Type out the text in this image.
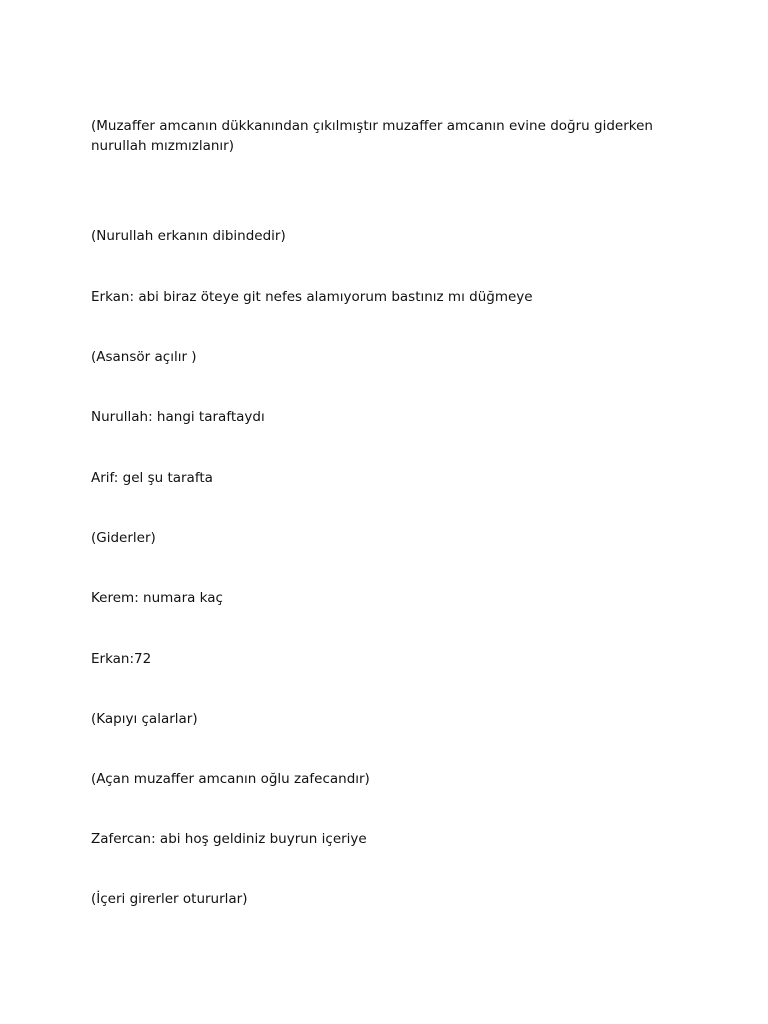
(Muzaffer amcanın dükkanından çıkılmıştır muzaffer amcanın evine doğru giderken nurullah mızmızlanır)
(Nurullah erkanın dibindedir)
Erkan: abi biraz öteye git nefes alamıyorum bastınız mı düğmeye
(Asansör açılır )
Nurullah: hangi taraftaydı
Arif: gel şu tarafta
(Giderler)
Kerem: numara kaç
Erkan:72
(Kapıyı çalarlar)
(Açan muzaffer amcanın oğlu zafecandır)
Zafercan: abi hoş geldiniz buyrun içeriye
(İçeri girerler otururlar)
